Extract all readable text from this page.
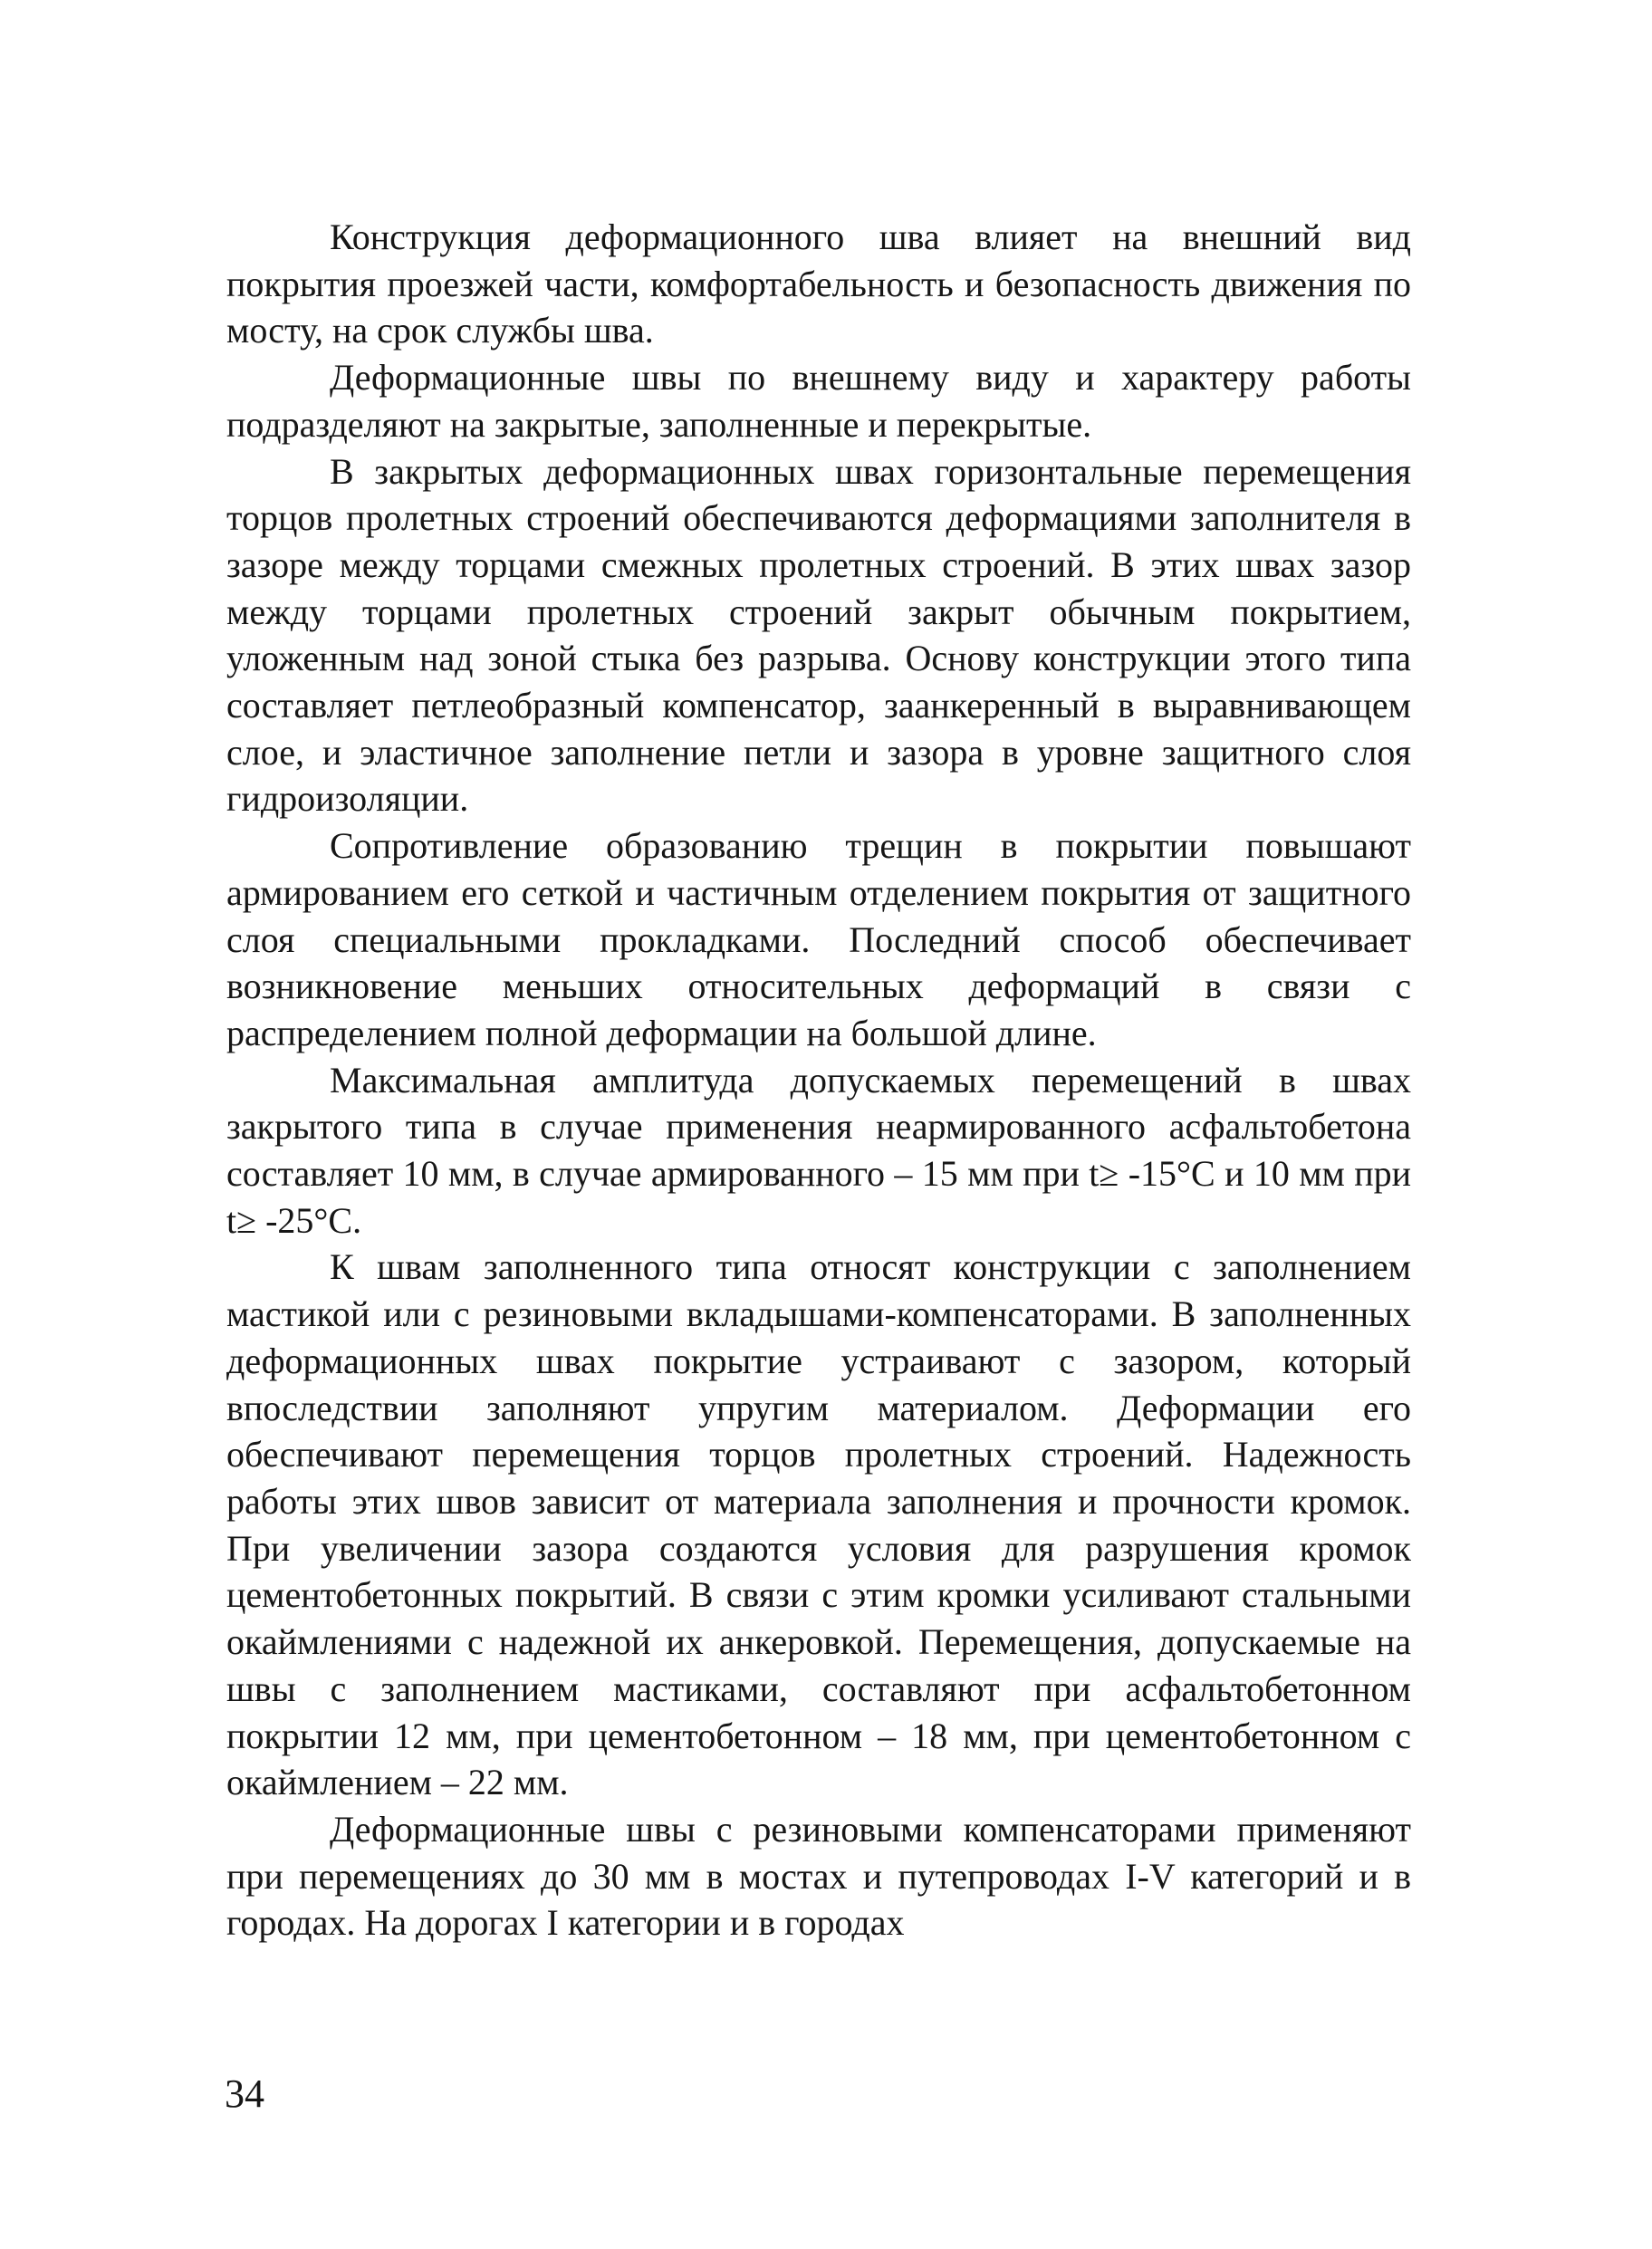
Конструкция деформационного шва влияет на внешний вид покрытия проезжей части, комфортабельность и безопасность движения по мосту, на срок службы шва.

Деформационные швы по внешнему виду и характеру работы подразделяют на закрытые, заполненные и перекрытые.

В закрытых деформационных швах горизонтальные перемещения торцов пролетных строений обеспечиваются деформациями заполнителя в зазоре между торцами смежных пролетных строений. В этих швах зазор между торцами пролетных строений закрыт обычным покрытием, уложенным над зоной стыка без разрыва. Основу конструкции этого типа составляет петлеобразный компенсатор, заанкеренный в выравнивающем слое, и эластичное заполнение петли и зазора в уровне защитного слоя гидроизоляции.

Сопротивление образованию трещин в покрытии повышают армированием его сеткой и частичным отделением покрытия от защитного слоя специальными прокладками. Последний способ обеспечивает возникновение меньших относительных деформаций в связи с распределением полной деформации на большой длине.

Максимальная амплитуда допускаемых перемещений в швах закрытого типа в случае применения неармированного асфальтобетона составляет 10 мм, в случае армированного – 15 мм при t≥ -15°С и 10 мм при t≥ -25°С.

К швам заполненного типа относят конструкции с заполнением мастикой или с резиновыми вкладышами-компенсаторами. В заполненных деформационных швах покрытие устраивают с зазором, который впоследствии заполняют упругим материалом. Деформации его обеспечивают перемещения торцов пролетных строений. Надежность работы этих швов зависит от материала заполнения и прочности кромок. При увеличении зазора создаются условия для разрушения кромок цементобетонных покрытий. В связи с этим кромки усиливают стальными окаймлениями с надежной их анкеровкой. Перемещения, допускаемые на швы с заполнением мастиками, составляют при асфальтобетонном покрытии 12 мм, при цементобетонном – 18 мм, при цементобетонном с окаймлением – 22 мм.

Деформационные швы с резиновыми компенсаторами применяют при перемещениях до 30 мм в мостах и путепроводах I-V категорий и в городах. На дорогах I категории и в городах

34
